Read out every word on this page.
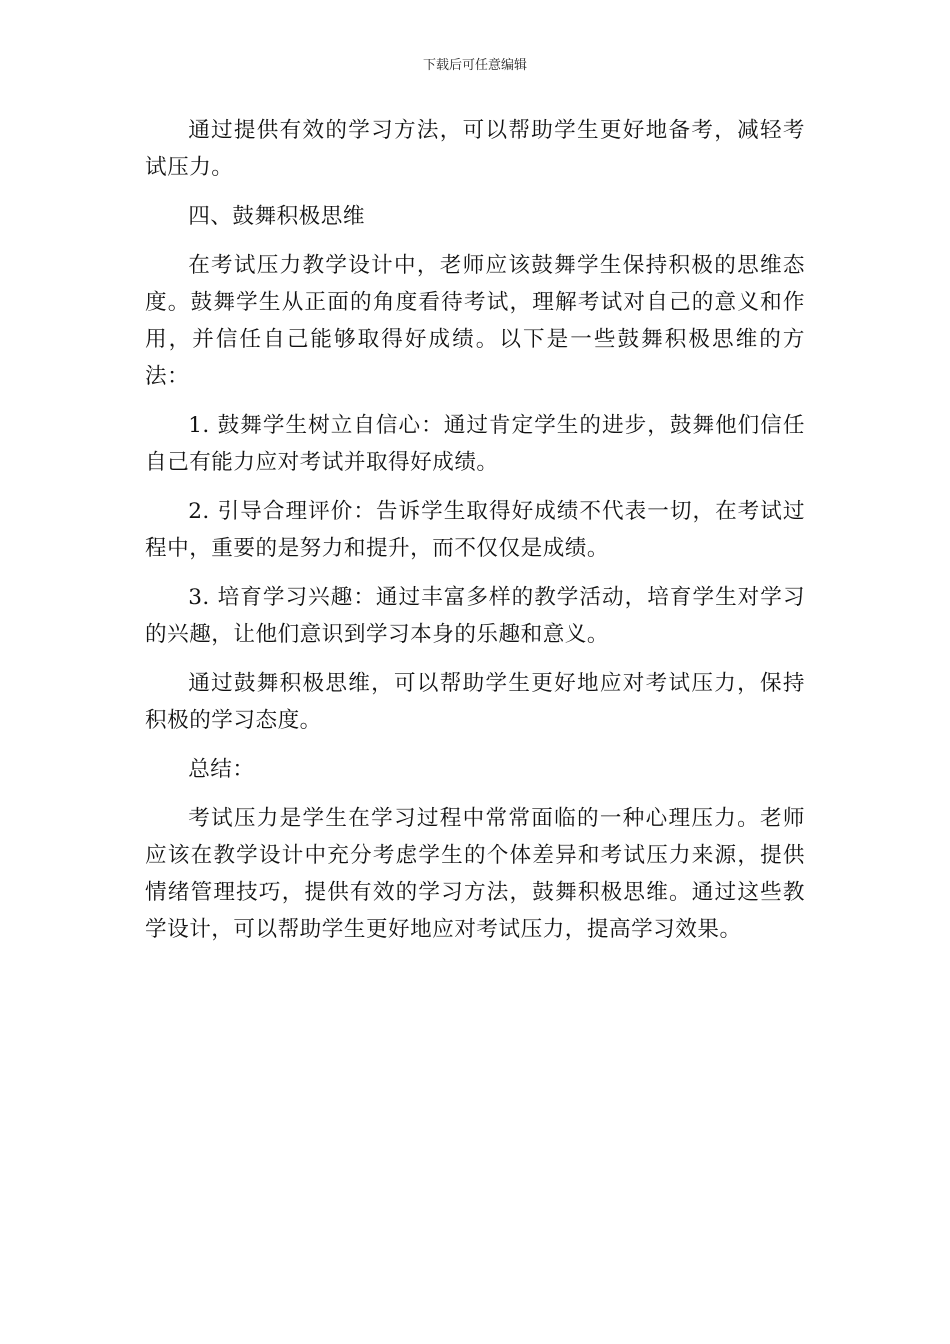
下载后可任意编辑

通过提供有效的学习方法，可以帮助学生更好地备考，减轻考试压力。

四、鼓舞积极思维

在考试压力教学设计中，老师应该鼓舞学生保持积极的思维态度。鼓舞学生从正面的角度看待考试，理解考试对自己的意义和作用，并信任自己能够取得好成绩。以下是一些鼓舞积极思维的方法：

1. 鼓舞学生树立自信心：通过肯定学生的进步，鼓舞他们信任自己有能力应对考试并取得好成绩。

2. 引导合理评价：告诉学生取得好成绩不代表一切，在考试过程中，重要的是努力和提升，而不仅仅是成绩。

3. 培育学习兴趣：通过丰富多样的教学活动，培育学生对学习的兴趣，让他们意识到学习本身的乐趣和意义。

通过鼓舞积极思维，可以帮助学生更好地应对考试压力，保持积极的学习态度。

总结：

考试压力是学生在学习过程中常常面临的一种心理压力。老师应该在教学设计中充分考虑学生的个体差异和考试压力来源，提供情绪管理技巧，提供有效的学习方法，鼓舞积极思维。通过这些教学设计，可以帮助学生更好地应对考试压力，提高学习效果。
